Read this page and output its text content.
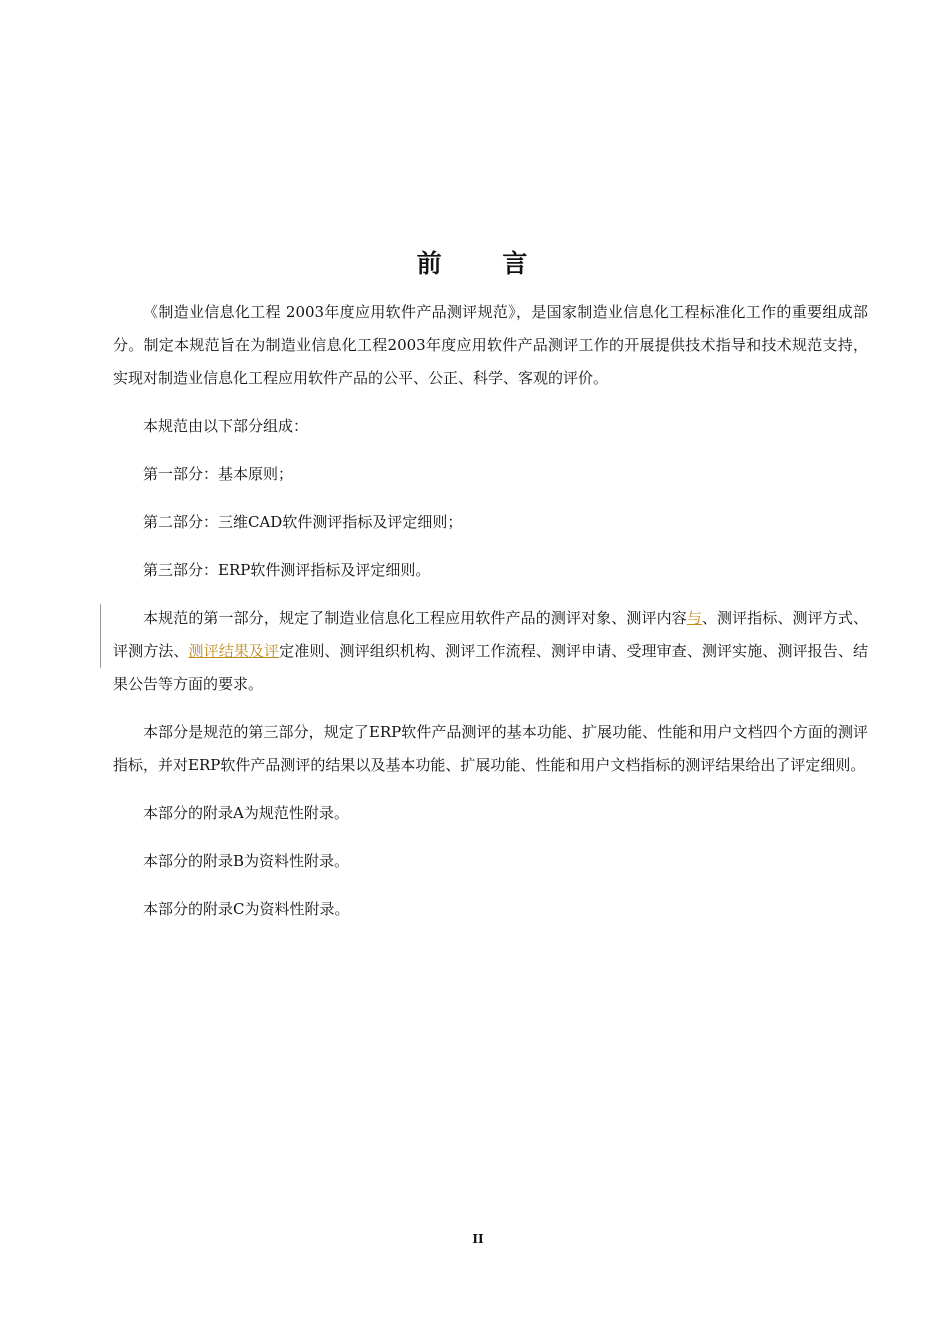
前 言

《制造业信息化工程 2003年度应用软件产品测评规范》，是国家制造业信息化工程标准化工作的重要组成部分。制定本规范旨在为制造业信息化工程2003年度应用软件产品测评工作的开展提供技术指导和技术规范支持，实现对制造业信息化工程应用软件产品的公平、公正、科学、客观的评价。

本规范由以下部分组成：

第一部分：基本原则；

第二部分：三维CAD软件测评指标及评定细则；

第三部分：ERP软件测评指标及评定细则。

本规范的第一部分，规定了制造业信息化工程应用软件产品的测评对象、测评内容与、测评指标、测评方式、评测方法、测评结果及评定准则、测评组织机构、测评工作流程、测评申请、受理审查、测评实施、测评报告、结果公告等方面的要求。

本部分是规范的第三部分，规定了ERP软件产品测评的基本功能、扩展功能、性能和用户文档四个方面的测评指标，并对ERP软件产品测评的结果以及基本功能、扩展功能、性能和用户文档指标的测评结果给出了评定细则。

本部分的附录A为规范性附录。

本部分的附录B为资料性附录。

本部分的附录C为资料性附录。

II
